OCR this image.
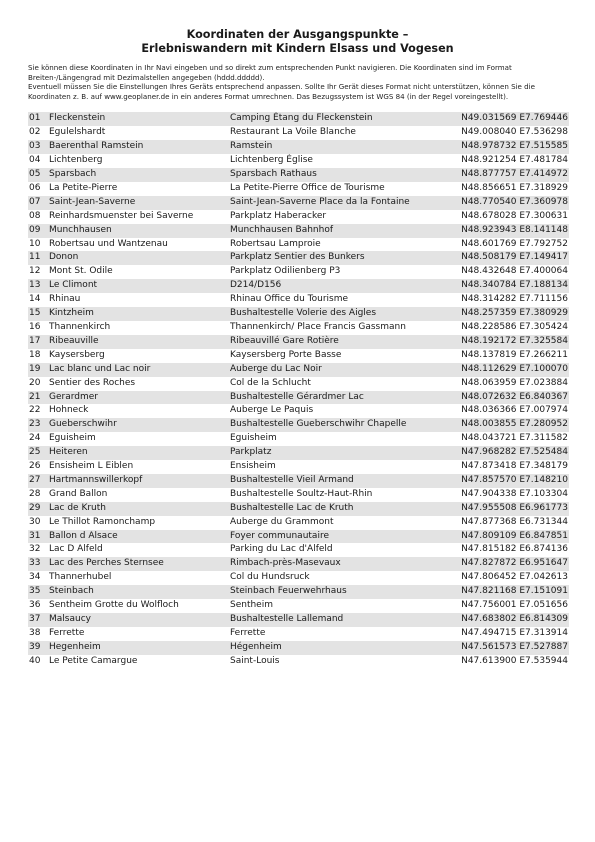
Koordinaten der Ausgangspunkte –
Erlebniswandern mit Kindern Elsass und Vogesen

Sie können diese Koordinaten in Ihr Navi eingeben und so direkt zum entsprechenden Punkt navigieren. Die Koordinaten sind im Format Breiten-/Längengrad mit Dezimalstellen angegeben (hddd.ddddd).

Eventuell müssen Sie die Einstellungen Ihres Geräts entsprechend anpassen. Sollte Ihr Gerät dieses Format nicht unterstützen, können Sie die Koordinaten z. B. auf www.geoplaner.de in ein anderes Format umrechnen. Das Bezugssystem ist WGS 84 (in der Regel voreingestellt).

01	Fleckenstein	Camping Étang du Fleckenstein	N49.031569 E7.769446
02	Egulelshardt	Restaurant La Voile Blanche	N49.008040 E7.536298
03	Baerenthal Ramstein	Ramstein	N48.978732 E7.515585
04	Lichtenberg	Lichtenberg Église	N48.921254 E7.481784
05	Sparsbach	Sparsbach Rathaus	N48.877757 E7.414972
06	La Petite-Pierre	La Petite-Pierre Office de Tourisme	N48.856651 E7.318929
07	Saint-Jean-Saverne	Saint-Jean-Saverne Place da la Fontaine	N48.770540 E7.360978
08	Reinhardsmuenster bei Saverne	Parkplatz Haberacker	N48.678028 E7.300631
09	Munchhausen	Munchhausen Bahnhof	N48.923943 E8.141148
10	Robertsau und Wantzenau	Robertsau Lamproie	N48.601769 E7.792752
11	Donon	Parkplatz Sentier des Bunkers	N48.508179 E7.149417
12	Mont St. Odile	Parkplatz Odilienberg P3	N48.432648 E7.400064
13	Le Climont	D214/D156	N48.340784 E7.188134
14	Rhinau	Rhinau Office du Tourisme	N48.314282 E7.711156
15	Kintzheim	Bushaltestelle Volerie des Aigles	N48.257359 E7.380929
16	Thannenkirch	Thannenkirch/ Place Francis Gassmann	N48.228586 E7.305424
17	Ribeauville	Ribeauvillé Gare Rotière	N48.192172 E7.325584
18	Kaysersberg	Kaysersberg Porte Basse	N48.137819 E7.266211
19	Lac blanc und Lac noir	Auberge du Lac Noir	N48.112629 E7.100070
20	Sentier des Roches	Col de la Schlucht	N48.063959 E7.023884
21	Gerardmer	Bushaltestelle Gérardmer Lac	N48.072632 E6.840367
22	Hohneck	Auberge Le Paquis	N48.036366 E7.007974
23	Gueberschwihr	Bushaltestelle Gueberschwihr Chapelle	N48.003855 E7.280952
24	Eguisheim	Eguisheim	N48.043721 E7.311582
25	Heiteren	Parkplatz	N47.968282 E7.525484
26	Ensisheim L Eiblen	Ensisheim	N47.873418 E7.348179
27	Hartmannswillerkopf	Bushaltestelle Vieil Armand	N47.857570 E7.148210
28	Grand Ballon	Bushaltestelle Soultz-Haut-Rhin	N47.904338 E7.103304
29	Lac de Kruth	Bushaltestelle Lac de Kruth	N47.955508 E6.961773
30	Le Thillot Ramonchamp	Auberge du Grammont	N47.877368 E6.731344
31	Ballon d Alsace	Foyer communautaire	N47.809109 E6.847851
32	Lac D Alfeld	Parking du Lac d'Alfeld	N47.815182 E6.874136
33	Lac des Perches Sternsee	Rimbach-près-Masevaux	N47.827872 E6.951647
34	Thannerhubel	Col du Hundsruck	N47.806452 E7.042613
35	Steinbach	Steinbach Feuerwehrhaus	N47.821168 E7.151091
36	Sentheim Grotte du Wolfloch	Sentheim	N47.756001 E7.051656
37	Malsaucy	Bushaltestelle Lallemand	N47.683802 E6.814309
38	Ferrette	Ferrette	N47.494715 E7.313914
39	Hegenheim	Hégenheim	N47.561573 E7.527887
40	Le Petite Camargue	Saint-Louis	N47.613900 E7.535944
